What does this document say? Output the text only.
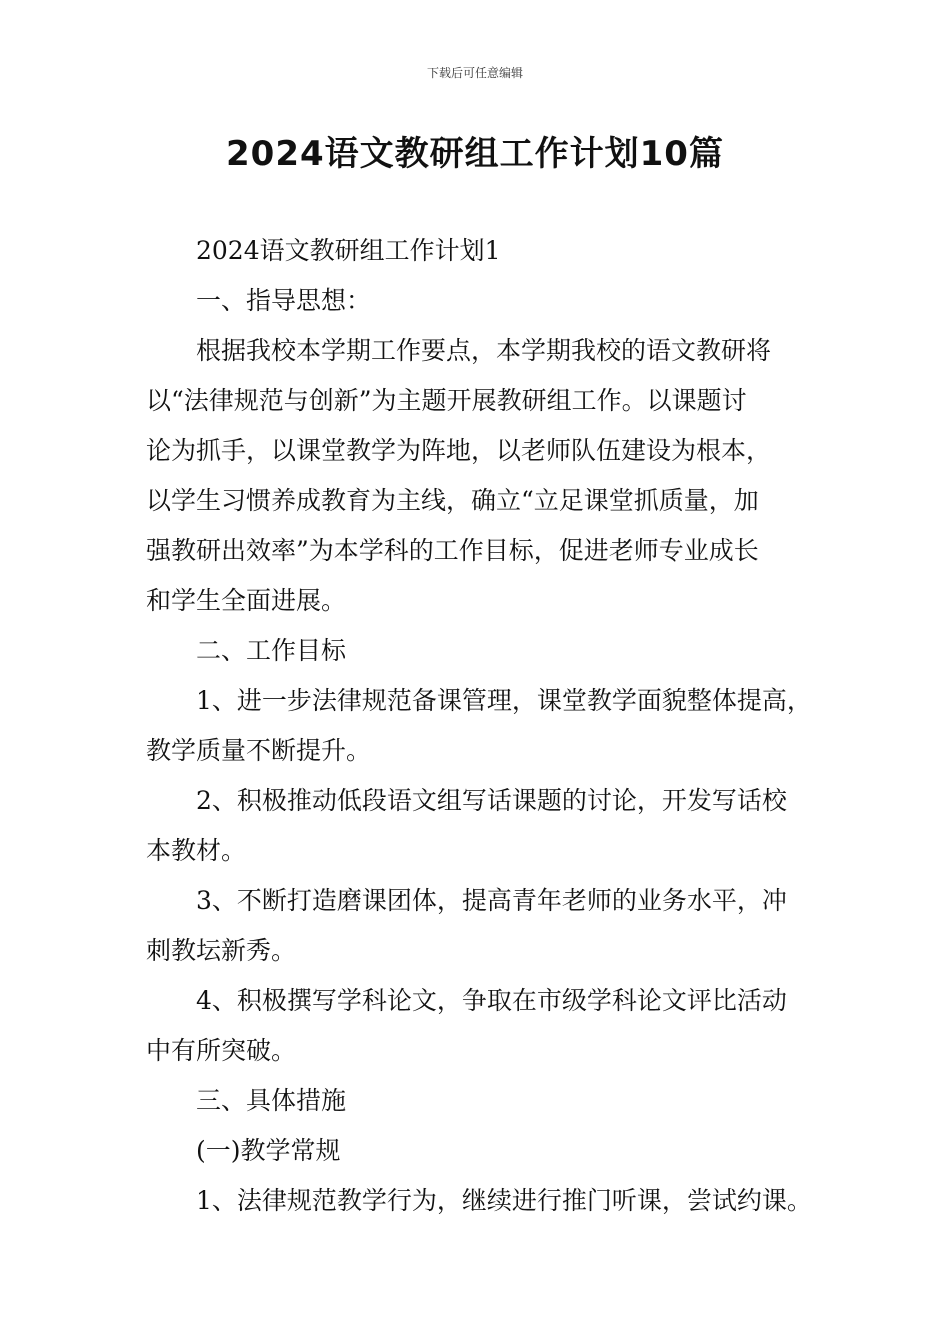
下载后可任意编辑
2024语文教研组工作计划10篇
2024语文教研组工作计划1
一、指导思想：
根据我校本学期工作要点，本学期我校的语文教研将
以“法律规范与创新”为主题开展教研组工作。以课题讨
论为抓手，以课堂教学为阵地，以老师队伍建设为根本，
以学生习惯养成教育为主线，确立“立足课堂抓质量，加
强教研出效率”为本学科的工作目标，促进老师专业成长
和学生全面进展。
二、工作目标
1、进一步法律规范备课管理，课堂教学面貌整体提高，
教学质量不断提升。
2、积极推动低段语文组写话课题的讨论，开发写话校
本教材。
3、不断打造磨课团体，提高青年老师的业务水平，冲
刺教坛新秀。
4、积极撰写学科论文，争取在市级学科论文评比活动
中有所突破。
三、具体措施
(一)教学常规
1、法律规范教学行为，继续进行推门听课，尝试约课。
